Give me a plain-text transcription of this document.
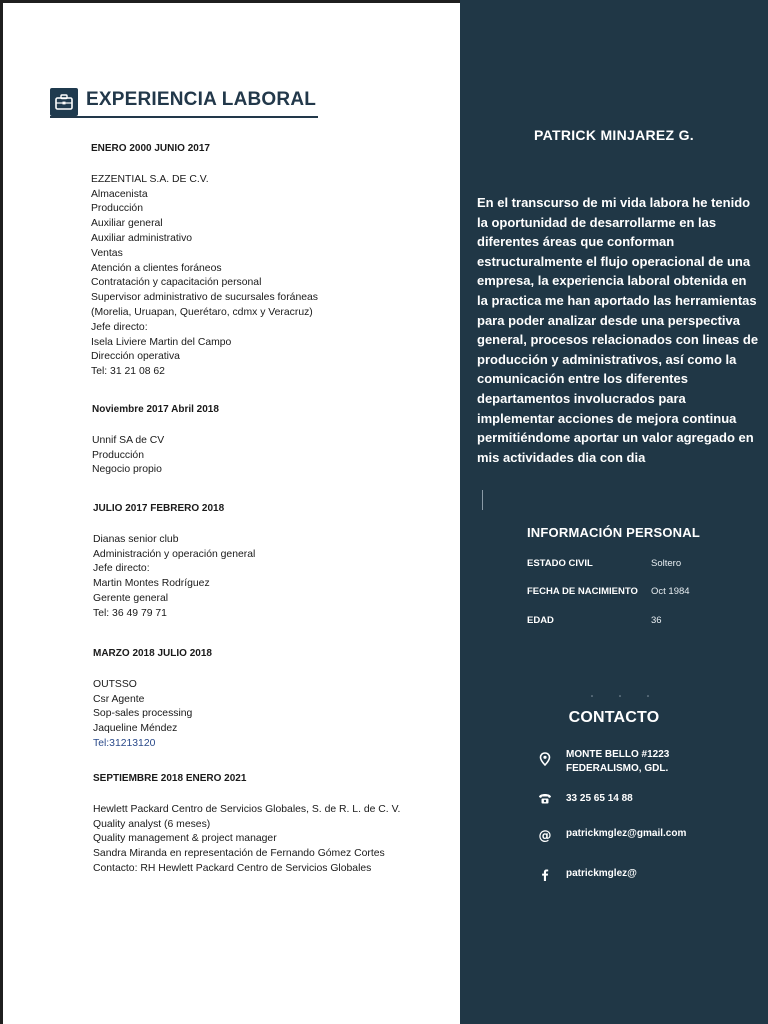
EXPERIENCIA LABORAL
ENERO 2000 JUNIO 2017
EZZENTIAL S.A. DE C.V.
Almacenista
Producción
Auxiliar general
Auxiliar administrativo
Ventas
Atención a clientes foráneos
Contratación y capacitación personal
Supervisor administrativo de sucursales foráneas
(Morelia, Uruapan, Querétaro, cdmx y Veracruz)
Jefe directo:
Isela Liviere Martin del Campo
Dirección operativa
Tel: 31 21 08 62
Noviembre 2017 Abril 2018
Unnif SA de CV
Producción
Negocio propio
JULIO 2017 FEBRERO 2018
Dianas senior club
Administración y operación general
Jefe directo:
Martin Montes Rodríguez
Gerente general
Tel: 36 49 79 71
MARZO 2018 JULIO 2018
OUTSSO
Csr Agente
Sop-sales processing
Jaqueline Méndez
Tel:31213120
SEPTIEMBRE 2018 ENERO 2021
Hewlett Packard Centro de Servicios Globales, S. de R. L. de C. V.
Quality analyst (6 meses)
Quality management & project manager
Sandra Miranda en representación de Fernando Gómez Cortes
Contacto: RH Hewlett Packard Centro de Servicios Globales
PATRICK MINJAREZ G.
En el transcurso de mi vida labora he tenido
la oportunidad de desarrollarme en las
diferentes áreas que conforman
estructuralmente el flujo operacional de una
empresa, la experiencia laboral obtenida en
la practica me han aportado las herramientas
para poder analizar desde una perspectiva
general, procesos relacionados con lineas de
producción y administrativos, así como la
comunicación entre los diferentes
departamentos involucrados para
implementar acciones de mejora continua
permitiéndome aportar un valor agregado en
mis actividades dia con dia
INFORMACIÓN PERSONAL
ESTADO CIVIL	Soltero
FECHA DE NACIMIENTO Oct 1984
EDAD	36
CONTACTO
MONTE BELLO #1223
FEDERALISMO, GDL.
33 25 65 14 88
@ patrickmglez@gmail.com
patrickmglez@
